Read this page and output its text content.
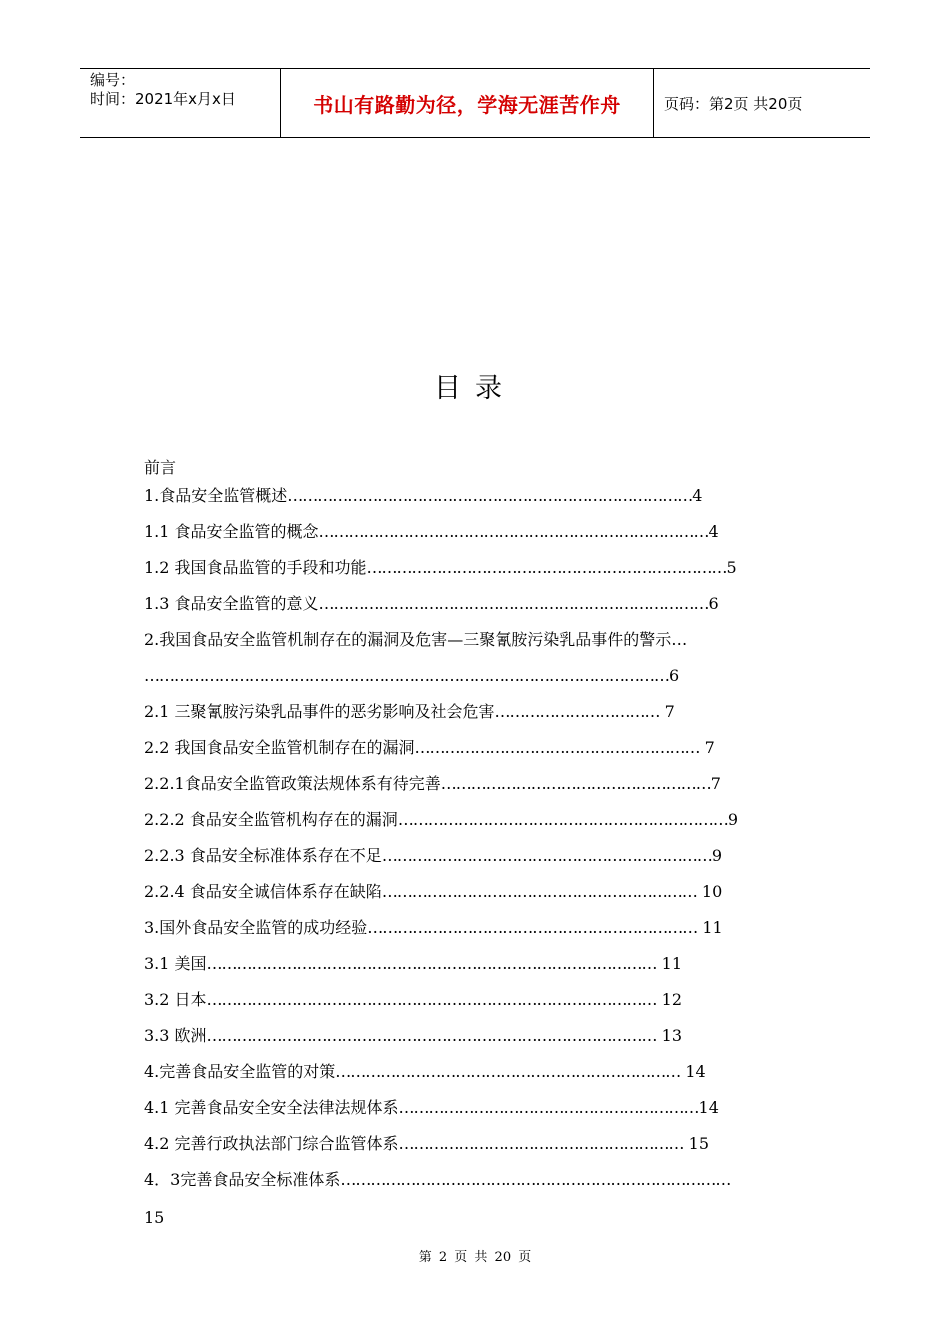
编号：
时间：2021年x月x日	书山有路勤为径，学海无涯苦作舟	页码：第2页 共20页
目录
前言
1.食品安全监管概述………………………………………………………………………4
1.1 食品安全监管的概念……………………………………………………………………4
1.2 我国食品监管的手段和功能………………………………………………………………5
1.3 食品安全监管的意义……………………………………………………………………6
2.我国食品安全监管机制存在的漏洞及危害—三聚氰胺污染乳品事件的警示…
……………………………………………………………………………………………6
2.1 三聚氰胺污染乳品事件的恶劣影响及社会危害…………………………… 7
2.2 我国食品安全监管机制存在的漏洞………………………………………………… 7
2.2.1食品安全监管政策法规体系有待完善………………………………………………7
2.2.2 食品安全监管机构存在的漏洞…………………………………………………………9
2.2.3 食品安全标准体系存在不足…………………………………………………………9
2.2.4 食品安全诚信体系存在缺陷……………………………………………………… 10
3.国外食品安全监管的成功经验………………………………………………………… 11
3.1 美国……………………………………………………………………………… 11
3.2 日本……………………………………………………………………………… 12
3.3 欧洲……………………………………………………………………………… 13
4.完善食品安全监管的对策…………………………………………………………… 14
4.1 完善食品安全安全法律法规体系……………………………………………………14
4.2 完善行政执法部门综合监管体系………………………………………………… 15
4．3完善食品安全标准体系……………………………………………………………………
15
第 2 页 共 20 页
